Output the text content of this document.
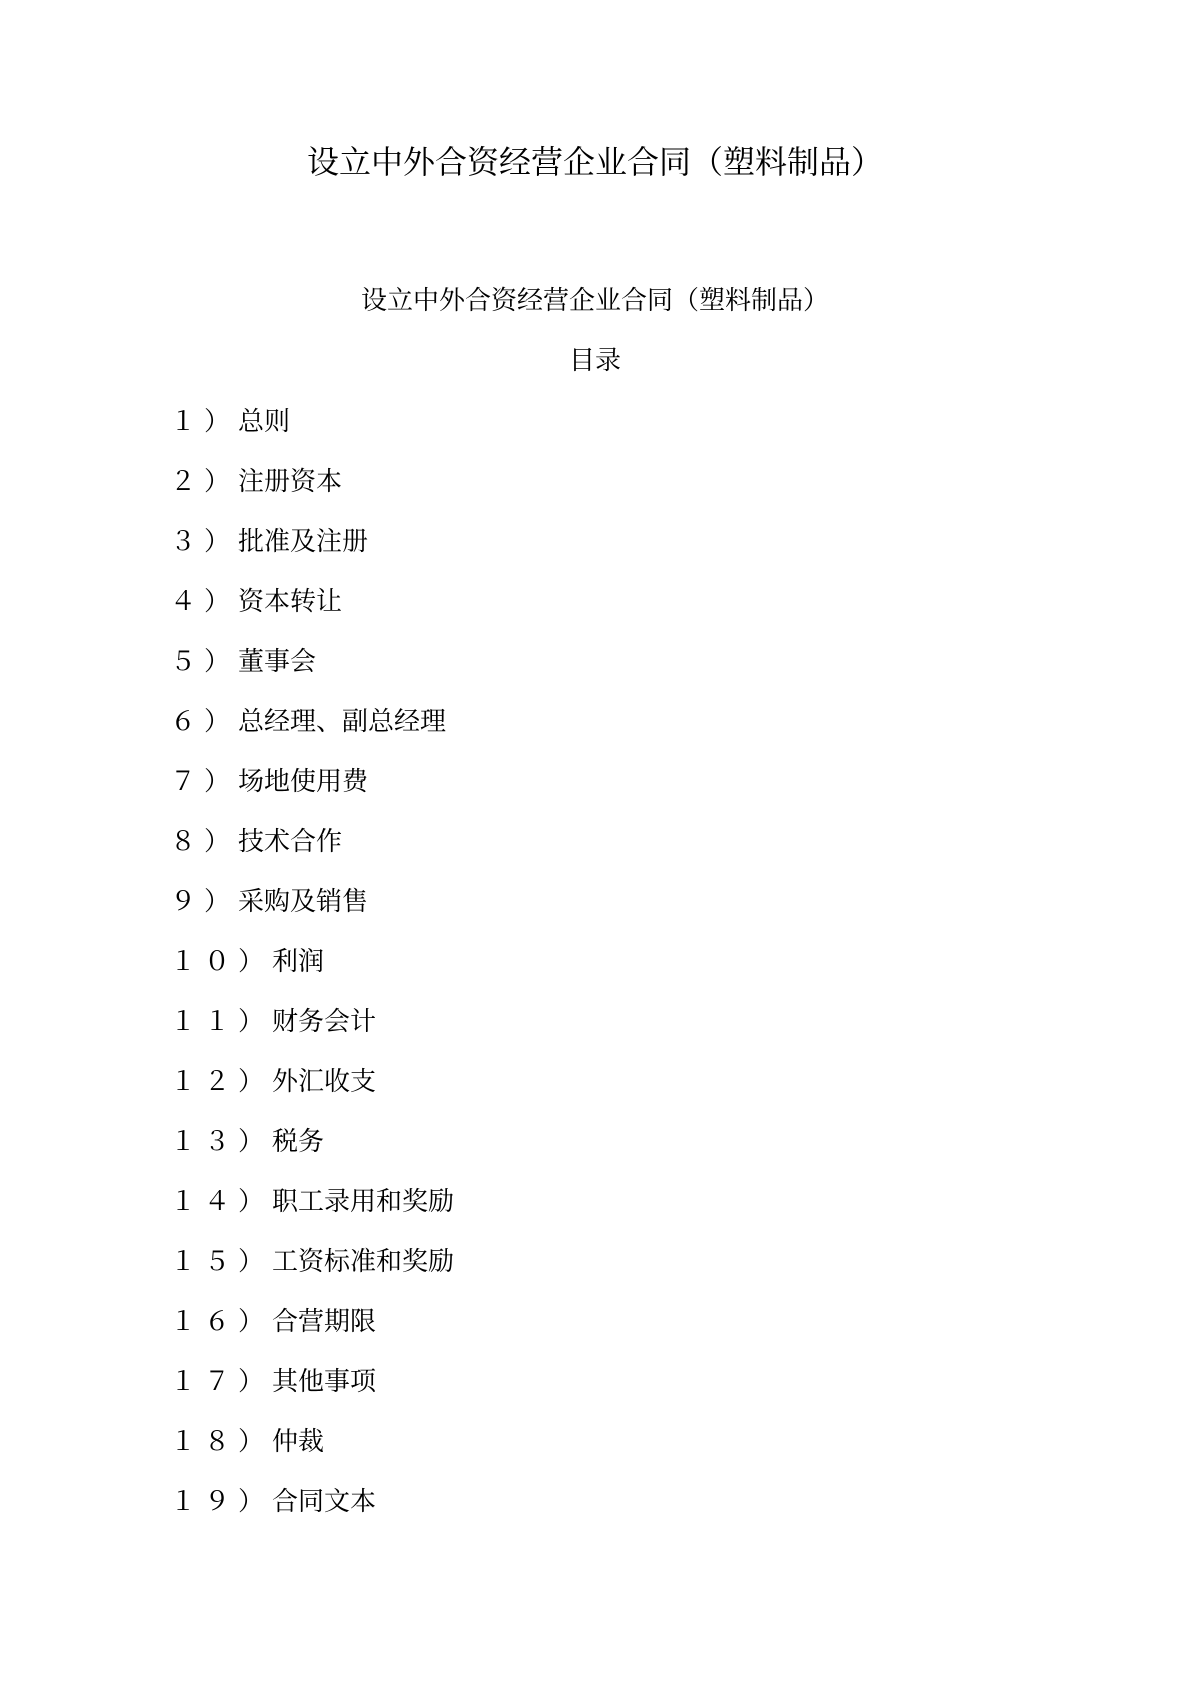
设立中外合资经营企业合同（塑料制品）
设立中外合资经营企业合同（塑料制品）
目录
１）总则
２）注册资本
３）批准及注册
４）资本转让
５）董事会
６）总经理、副总经理
７）场地使用费
８）技术合作
９）采购及销售
１０）利润
１１）财务会计
１２）外汇收支
１３）税务
１４）职工录用和奖励
１５）工资标准和奖励
１６）合营期限
１７）其他事项
１８）仲裁
１９）合同文本
